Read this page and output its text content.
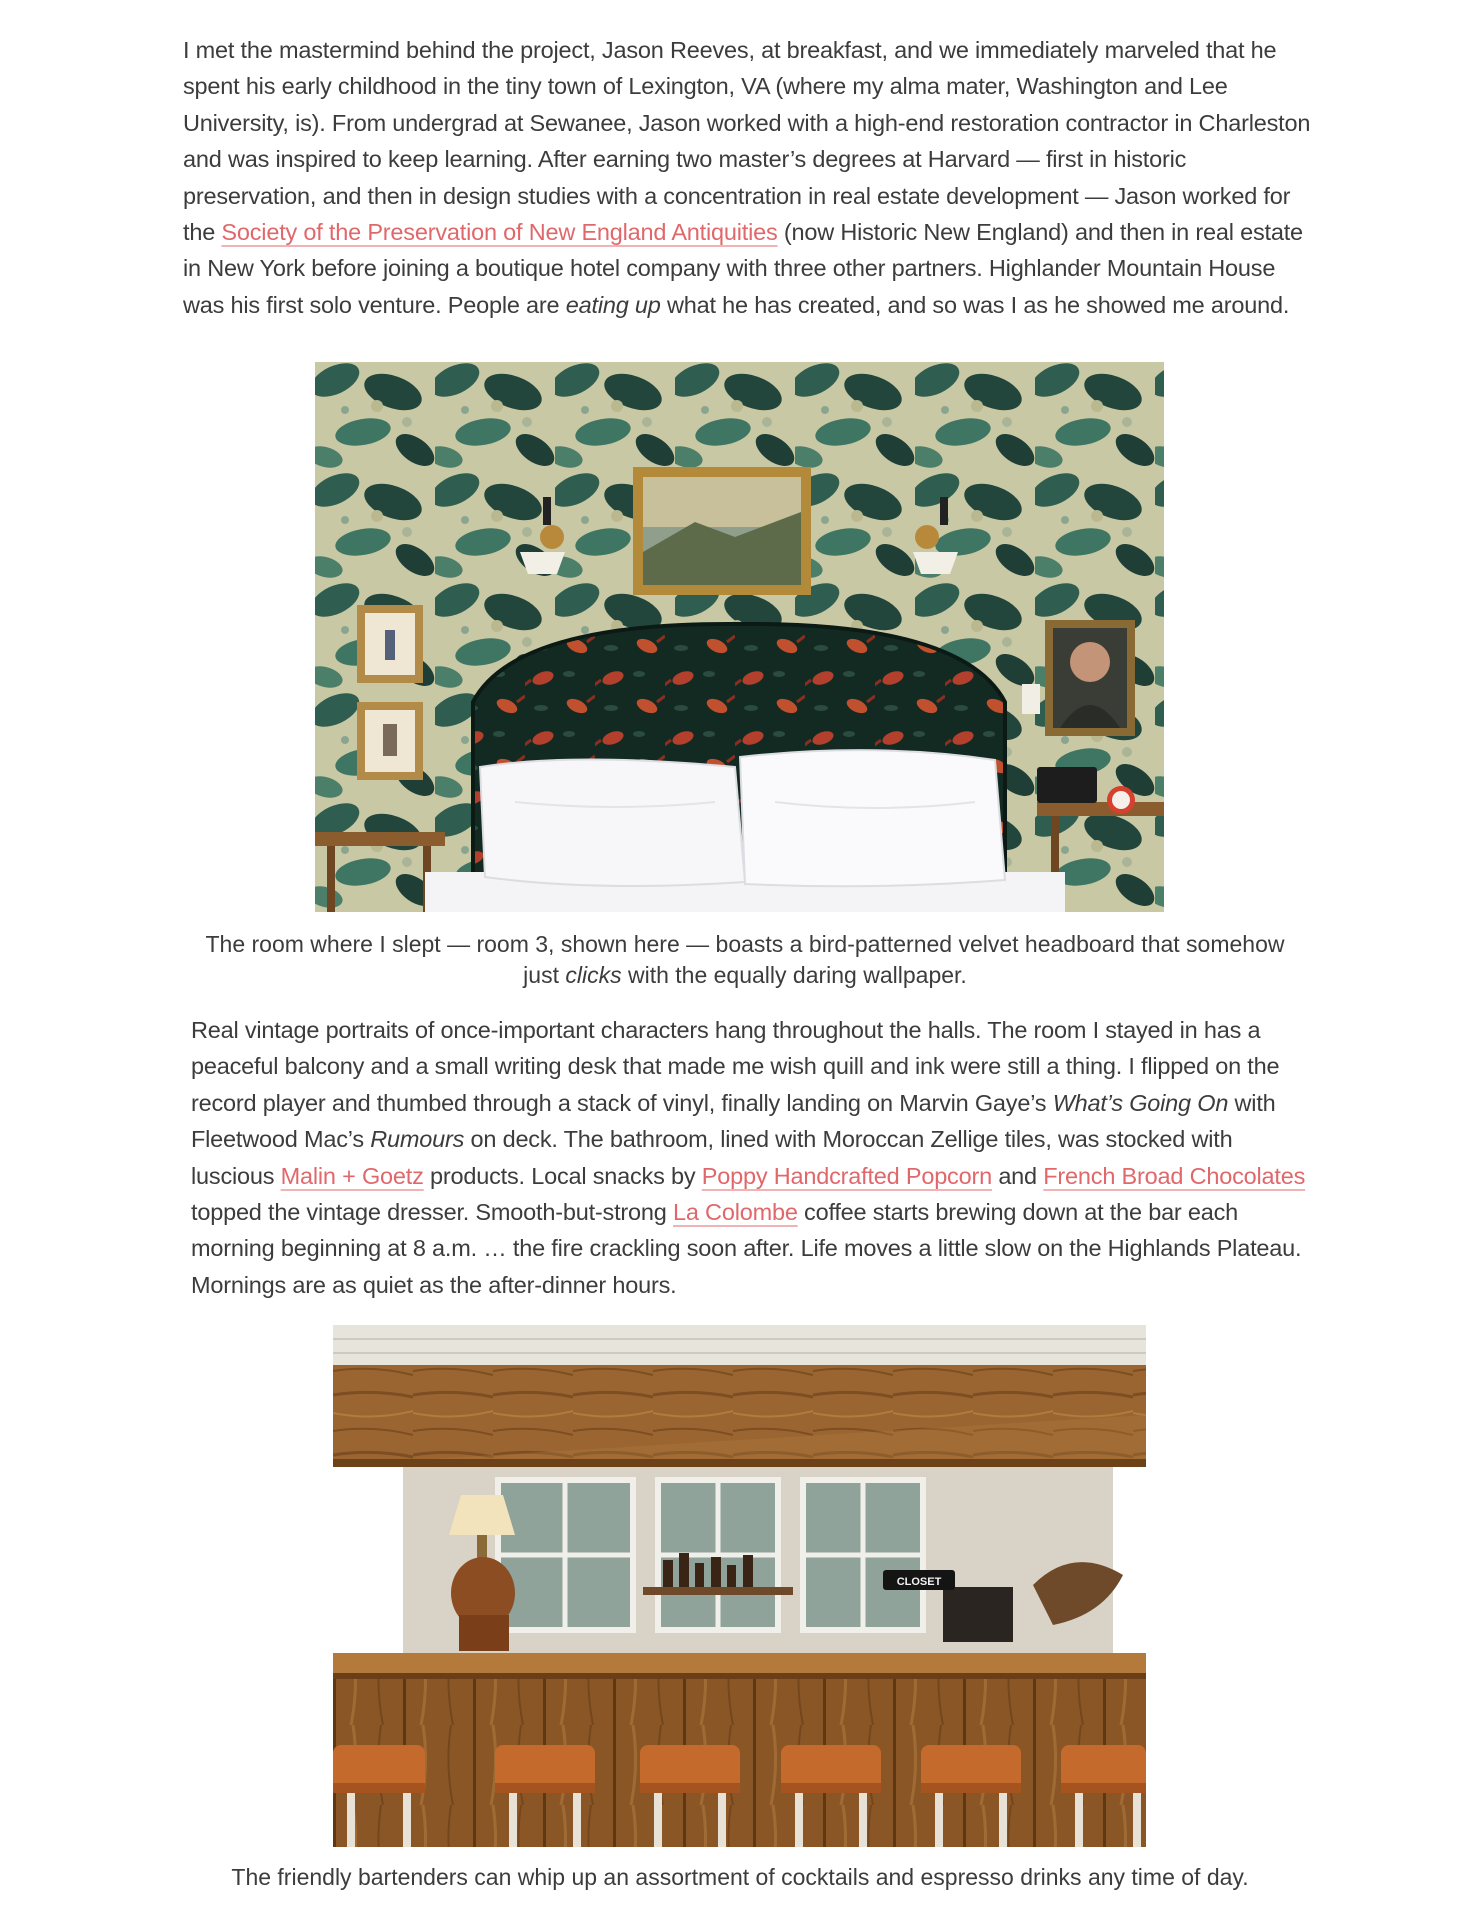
I met the mastermind behind the project, Jason Reeves, at breakfast, and we immediately marveled that he spent his early childhood in the tiny town of Lexington, VA (where my alma mater, Washington and Lee University, is). From undergrad at Sewanee, Jason worked with a high-end restoration contractor in Charleston and was inspired to keep learning. After earning two master’s degrees at Harvard — first in historic preservation, and then in design studies with a concentration in real estate development — Jason worked for the Society of the Preservation of New England Antiquities (now Historic New England) and then in real estate in New York before joining a boutique hotel company with three other partners. Highlander Mountain House was his first solo venture. People are eating up what he has created, and so was I as he showed me around.

The room where I slept — room 3, shown here — boasts a bird-patterned velvet headboard that somehow just clicks with the equally daring wallpaper.

Real vintage portraits of once-important characters hang throughout the halls. The room I stayed in has a peaceful balcony and a small writing desk that made me wish quill and ink were still a thing. I flipped on the record player and thumbed through a stack of vinyl, finally landing on Marvin Gaye’s What’s Going On with Fleetwood Mac’s Rumours on deck. The bathroom, lined with Moroccan Zellige tiles, was stocked with luscious Malin + Goetz products. Local snacks by Poppy Handcrafted Popcorn and French Broad Chocolates topped the vintage dresser. Smooth-but-strong La Colombe coffee starts brewing down at the bar each morning beginning at 8 a.m. … the fire crackling soon after. Life moves a little slow on the Highlands Plateau. Mornings are as quiet as the after-dinner hours.

CLOSET

The friendly bartenders can whip up an assortment of cocktails and espresso drinks any time of day.
